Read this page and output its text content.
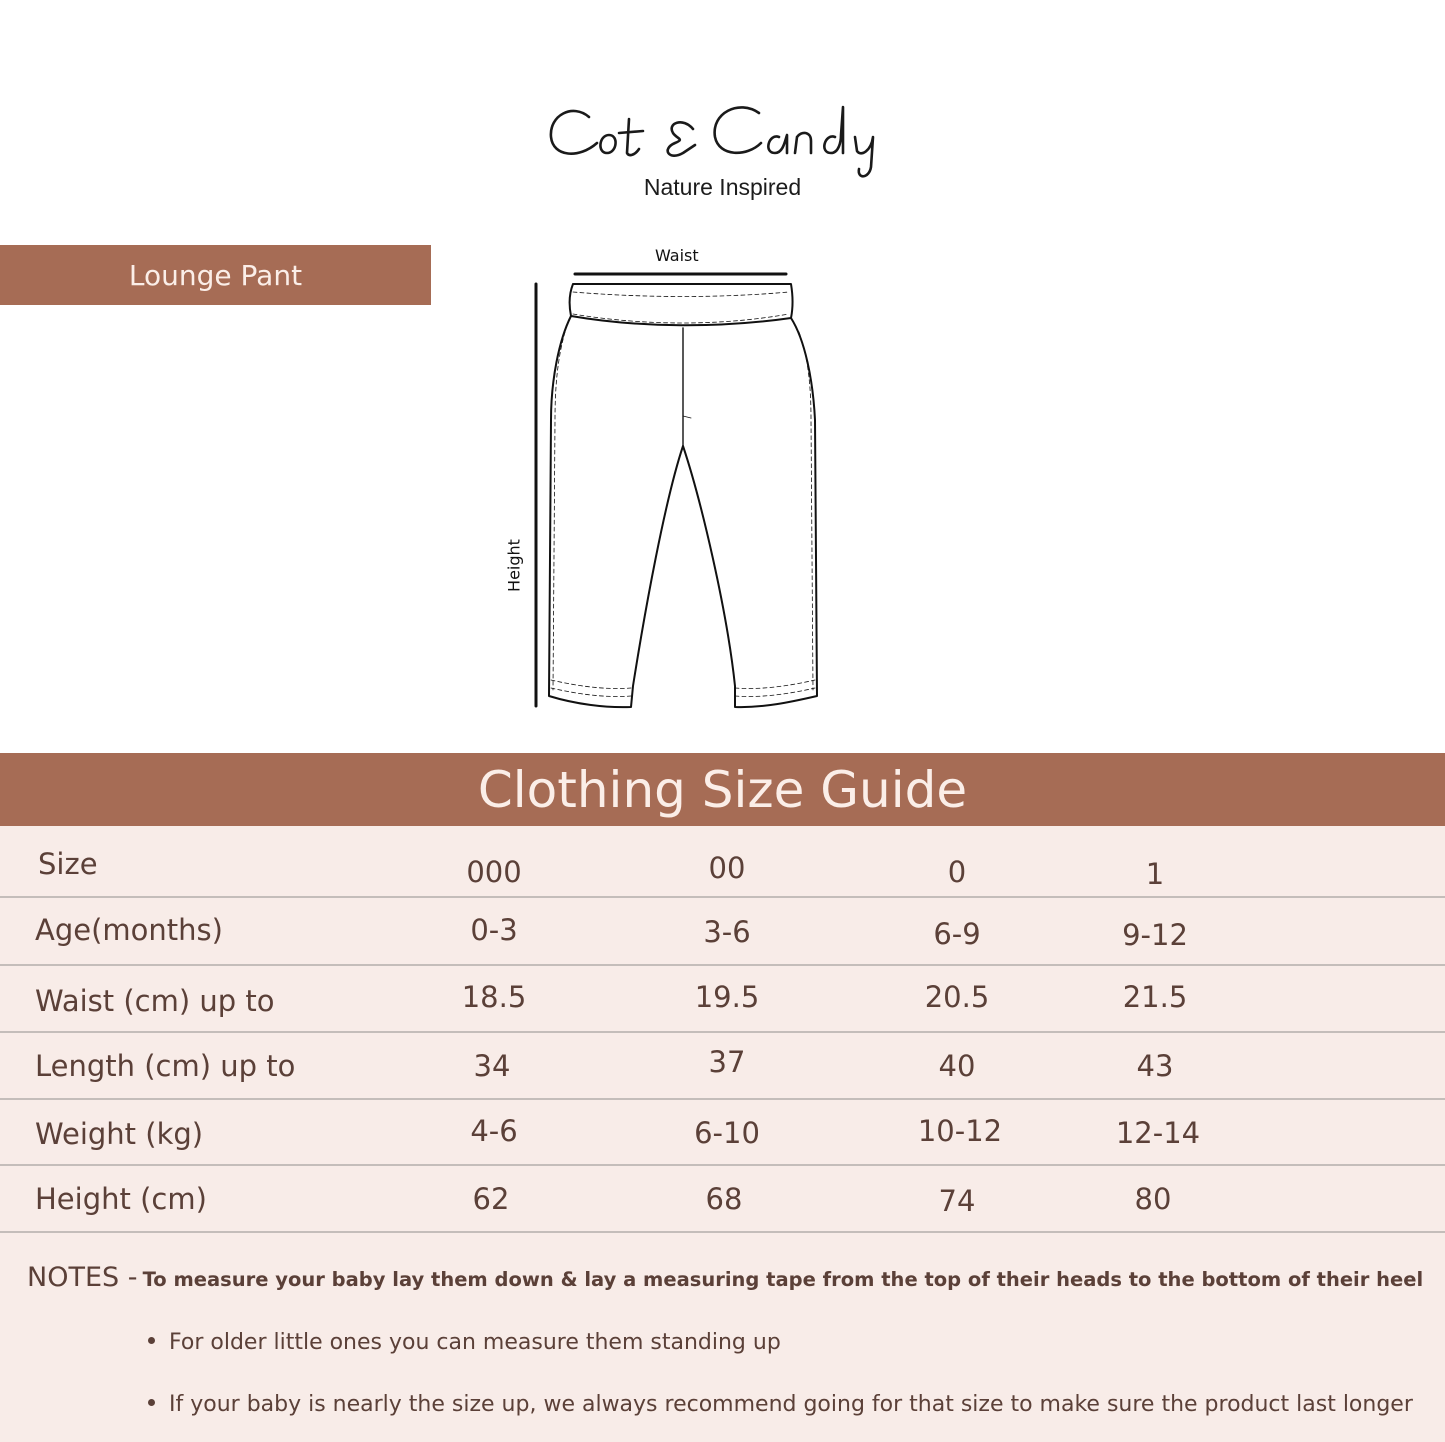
Nature Inspired
Lounge Pant
Waist
Height
Clothing Size Guide
Size	000	00	0	1
Age(months)	0-3	3-6	6-9	9-12
Waist (cm) up to	18.5	19.5	20.5	21.5
Length (cm) up to	34	37	40	43
Weight (kg)	4-6	6-10	10-12	12-14
Height (cm)	62	68	74	80
NOTES - To measure your baby lay them down & lay a measuring tape from the top of their heads to the bottom of their heel
For older little ones you can measure them standing up
If your baby is nearly the size up, we always recommend going for that size to make sure the product last longer
